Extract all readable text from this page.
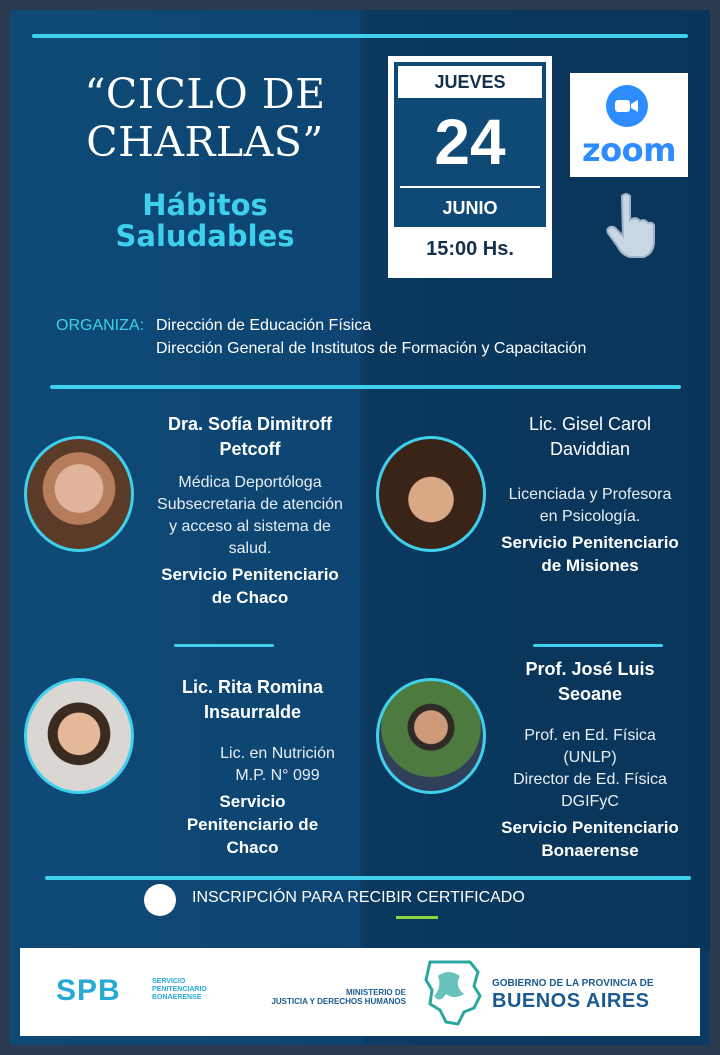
“CICLO DE
CHARLAS”
Hábitos
Saludables
JUEVES
24
JUNIO
15:00 Hs.
zoom
ORGANIZA: Dirección de Educación Física
Dirección General de Institutos de Formación y Capacitación
Dra. Sofía Dimitroff
Petcoff
Médica Deportóloga
Subsecretaria de atención
y acceso al sistema de
salud.
Servicio Penitenciario
de Chaco
Lic. Gisel Carol
Daviddian
Licenciada y Profesora
en Psicología.
Servicio Penitenciario
de Misiones
Lic. Rita Romina
Insaurralde
Lic. en Nutrición
M.P. N° 099
Servicio
Penitenciario de
Chaco
Prof. José Luis
Seoane
Prof. en Ed. Física
(UNLP)
Director de Ed. Física
DGIFyC
Servicio Penitenciario
Bonaerense
INSCRIPCIÓN PARA RECIBIR CERTIFICADO
SPB	SERVICIO
PENITENCIARIO
BONAERENSE
MINISTERIO DE
JUSTICIA Y DERECHOS HUMANOS
GOBIERNO DE LA PROVINCIA DE
BUENOS AIRES
